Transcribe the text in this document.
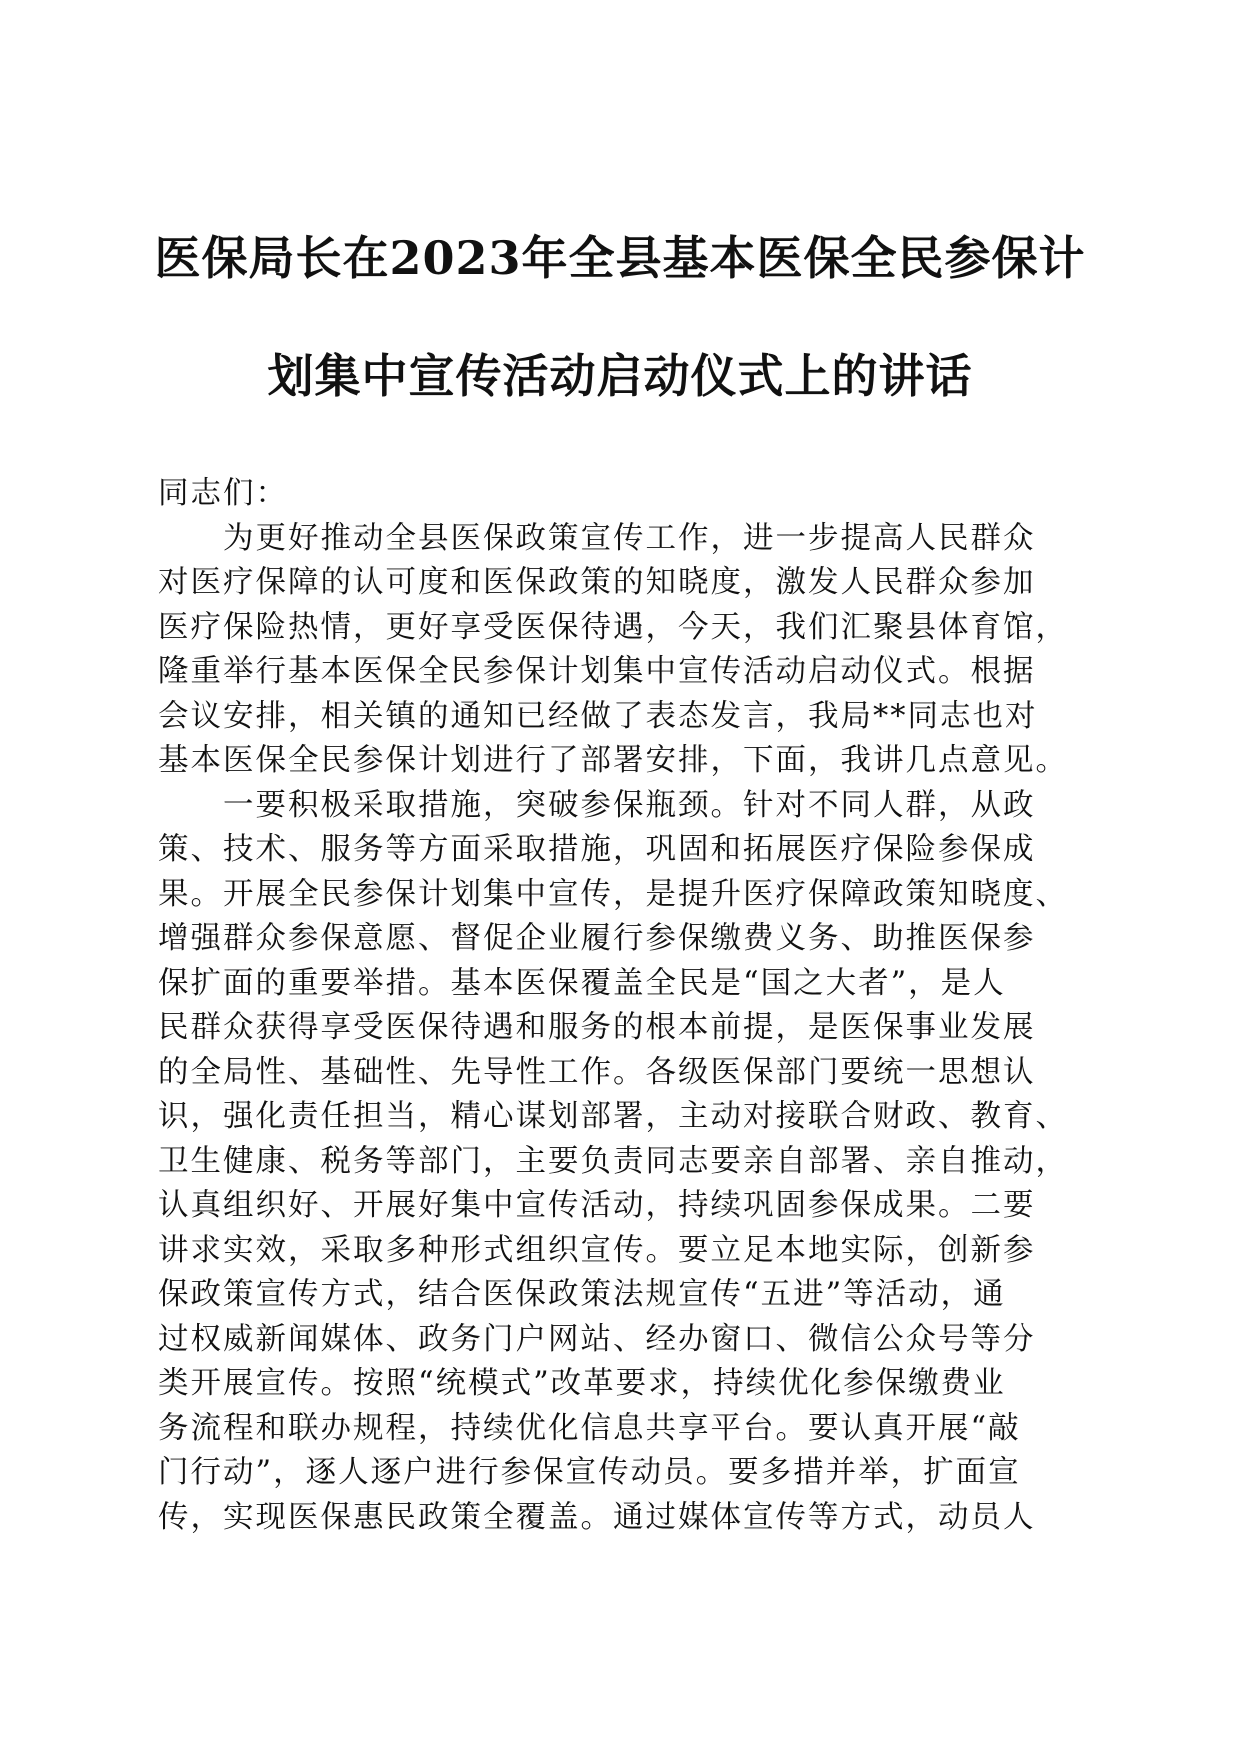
医保局长在2023年全县基本医保全民参保计
划集中宣传活动启动仪式上的讲话
同志们：
为更好推动全县医保政策宣传工作，进一步提高人民群众
对医疗保障的认可度和医保政策的知晓度，激发人民群众参加
医疗保险热情，更好享受医保待遇，今天，我们汇聚县体育馆，
隆重举行基本医保全民参保计划集中宣传活动启动仪式。根据
会议安排，相关镇的通知已经做了表态发言，我局**同志也对
基本医保全民参保计划进行了部署安排，下面，我讲几点意见。
一要积极采取措施，突破参保瓶颈。针对不同人群，从政
策、技术、服务等方面采取措施，巩固和拓展医疗保险参保成
果。开展全民参保计划集中宣传，是提升医疗保障政策知晓度、
增强群众参保意愿、督促企业履行参保缴费义务、助推医保参
保扩面的重要举措。基本医保覆盖全民是“国之大者”，是人
民群众获得享受医保待遇和服务的根本前提，是医保事业发展
的全局性、基础性、先导性工作。各级医保部门要统一思想认
识，强化责任担当，精心谋划部署，主动对接联合财政、教育、
卫生健康、税务等部门，主要负责同志要亲自部署、亲自推动，
认真组织好、开展好集中宣传活动，持续巩固参保成果。二要
讲求实效，采取多种形式组织宣传。要立足本地实际，创新参
保政策宣传方式，结合医保政策法规宣传“五进”等活动，通
过权威新闻媒体、政务门户网站、经办窗口、微信公众号等分
类开展宣传。按照“统模式”改革要求，持续优化参保缴费业
务流程和联办规程，持续优化信息共享平台。要认真开展“敲
门行动”，逐人逐户进行参保宣传动员。要多措并举，扩面宣
传，实现医保惠民政策全覆盖。通过媒体宣传等方式，动员人
